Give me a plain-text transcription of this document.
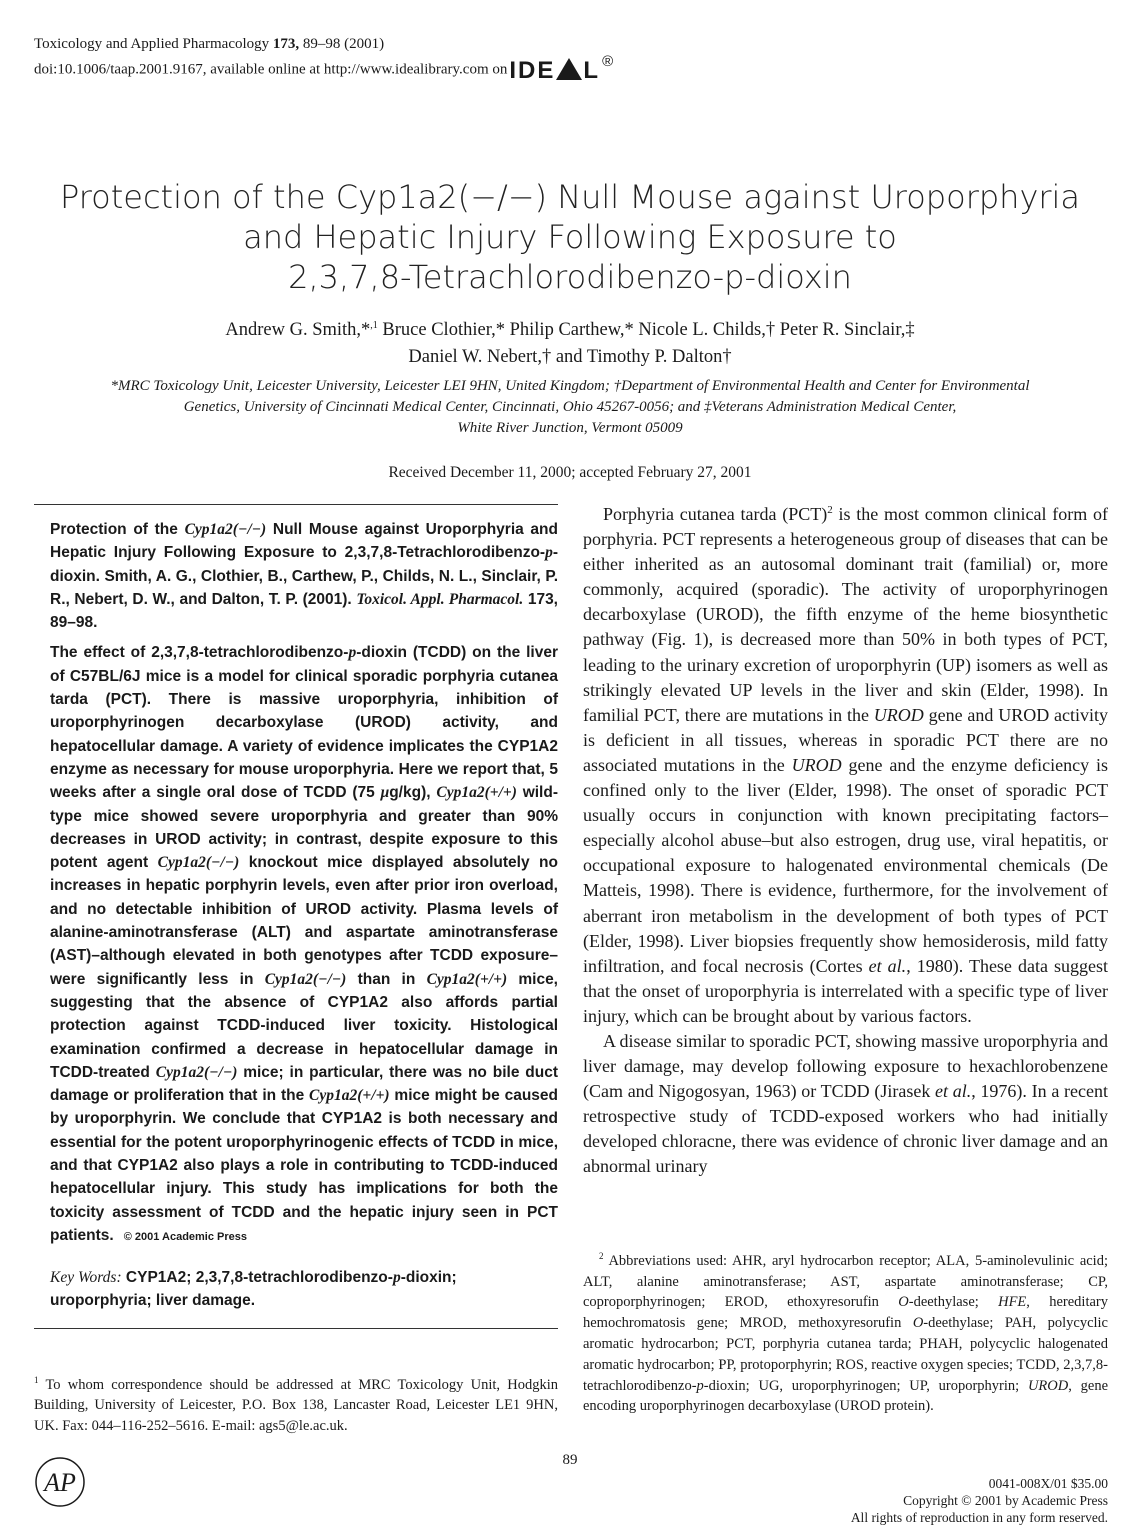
Toxicology and Applied Pharmacology 173, 89–98 (2001)
doi:10.1006/taap.2001.9167, available online at http://www.idealibrary.com onIDE L ®
Protection of the Cyp1a2(−/−) Null Mouse against Uroporphyria
and Hepatic Injury Following Exposure to
2,3,7,8-Tetrachlorodibenzo-p-dioxin
Andrew G. Smith,*$^{,1}$ Bruce Clothier,* Philip Carthew,* Nicole L. Childs,† Peter R. Sinclair,‡
Daniel W. Nebert,† and Timothy P. Dalton†
*MRC Toxicology Unit, Leicester University, Leicester LEI 9HN, United Kingdom; †Department of Environmental Health and Center for Environmental
Genetics, University of Cincinnati Medical Center, Cincinnati, Ohio 45267-0056; and ‡Veterans Administration Medical Center,
White River Junction, Vermont 05009
Received December 11, 2000; accepted February 27, 2001

Protection of the Cyp1a2(−/−) Null Mouse against Uroporphyria and Hepatic Injury Following Exposure to 2,3,7,8-Tetrachlorodibenzo-p-dioxin. Smith, A. G., Clothier, B., Carthew, P., Childs, N. L., Sinclair, P. R., Nebert, D. W., and Dalton, T. P. (2001). Toxicol. Appl. Pharmacol. 173, 89–98.

The effect of 2,3,7,8-tetrachlorodibenzo-p-dioxin (TCDD) on the liver of C57BL/6J mice is a model for clinical sporadic porphyria cutanea tarda (PCT). There is massive uroporphyria, inhibition of uroporphyrinogen decarboxylase (UROD) activity, and hepatocellular damage. A variety of evidence implicates the CYP1A2 enzyme as necessary for mouse uroporphyria. Here we report that, 5 weeks after a single oral dose of TCDD (75 μg/kg), Cyp1a2(+/+) wild-type mice showed severe uroporphyria and greater than 90% decreases in UROD activity; in contrast, despite exposure to this potent agent Cyp1a2(−/−) knockout mice displayed absolutely no increases in hepatic porphyrin levels, even after prior iron overload, and no detectable inhibition of UROD activity. Plasma levels of alanine-aminotransferase (ALT) and aspartate aminotransferase (AST)–although elevated in both genotypes after TCDD exposure–were significantly less in Cyp1a2(−/−) than in Cyp1a2(+/+) mice, suggesting that the absence of CYP1A2 also affords partial protection against TCDD-induced liver toxicity. Histological examination confirmed a decrease in hepatocellular damage in TCDD-treated Cyp1a2(−/−) mice; in particular, there was no bile duct damage or proliferation that in the Cyp1a2(+/+) mice might be caused by uroporphyrin. We conclude that CYP1A2 is both necessary and essential for the potent uroporphyrinogenic effects of TCDD in mice, and that CYP1A2 also plays a role in contributing to TCDD-induced hepatocellular injury. This study has implications for both the toxicity assessment of TCDD and the hepatic injury seen in PCT patients. © 2001 Academic Press

Key Words: CYP1A2; 2,3,7,8-tetrachlorodibenzo-p-dioxin; uroporphyria; liver damage.
$^1$ To whom correspondence should be addressed at MRC Toxicology Unit, Hodgkin Building, University of Leicester, P.O. Box 138, Lancaster Road, Leicester LE1 9HN, UK. Fax: 044–116-252–5616. E-mail: ags5@le.ac.uk.

Porphyria cutanea tarda (PCT)$^2$ is the most common clinical form of porphyria. PCT represents a heterogeneous group of diseases that can be either inherited as an autosomal dominant trait (familial) or, more commonly, acquired (sporadic). The activity of uroporphyrinogen decarboxylase (UROD), the fifth enzyme of the heme biosynthetic pathway (Fig. 1), is decreased more than 50% in both types of PCT, leading to the urinary excretion of uroporphyrin (UP) isomers as well as strikingly elevated UP levels in the liver and skin (Elder, 1998). In familial PCT, there are mutations in the UROD gene and UROD activity is deficient in all tissues, whereas in sporadic PCT there are no associated mutations in the UROD gene and the enzyme deficiency is confined only to the liver (Elder, 1998). The onset of sporadic PCT usually occurs in conjunction with known precipitating factors–especially alcohol abuse–but also estrogen, drug use, viral hepatitis, or occupational exposure to halogenated environmental chemicals (De Matteis, 1998). There is evidence, furthermore, for the involvement of aberrant iron metabolism in the development of both types of PCT (Elder, 1998). Liver biopsies frequently show hemosiderosis, mild fatty infiltration, and focal necrosis (Cortes et al., 1980). These data suggest that the onset of uroporphyria is interrelated with a specific type of liver injury, which can be brought about by various factors.

A disease similar to sporadic PCT, showing massive uroporphyria and liver damage, may develop following exposure to hexachlorobenzene (Cam and Nigogosyan, 1963) or TCDD (Jirasek et al., 1976). In a recent retrospective study of TCDD-exposed workers who had initially developed chloracne, there was evidence of chronic liver damage and an abnormal urinary

$^2$ Abbreviations used: AHR, aryl hydrocarbon receptor; ALA, 5-aminolevulinic acid; ALT, alanine aminotransferase; AST, aspartate aminotransferase; CP, coproporphyrinogen; EROD, ethoxyresorufin O-deethylase; HFE, hereditary hemochromatosis gene; MROD, methoxyresorufin O-deethylase; PAH, polycyclic aromatic hydrocarbon; PCT, porphyria cutanea tarda; PHAH, polycyclic halogenated aromatic hydrocarbon; PP, protoporphyrin; ROS, reactive oxygen species; TCDD, 2,3,7,8-tetrachlorodibenzo-p-dioxin; UG, uroporphyrinogen; UP, uroporphyrin; UROD, gene encoding uroporphyrinogen decarboxylase (UROD protein).

89
AP	0041-008X/01 $35.00
Copyright © 2001 by Academic Press
All rights of reproduction in any form reserved.
